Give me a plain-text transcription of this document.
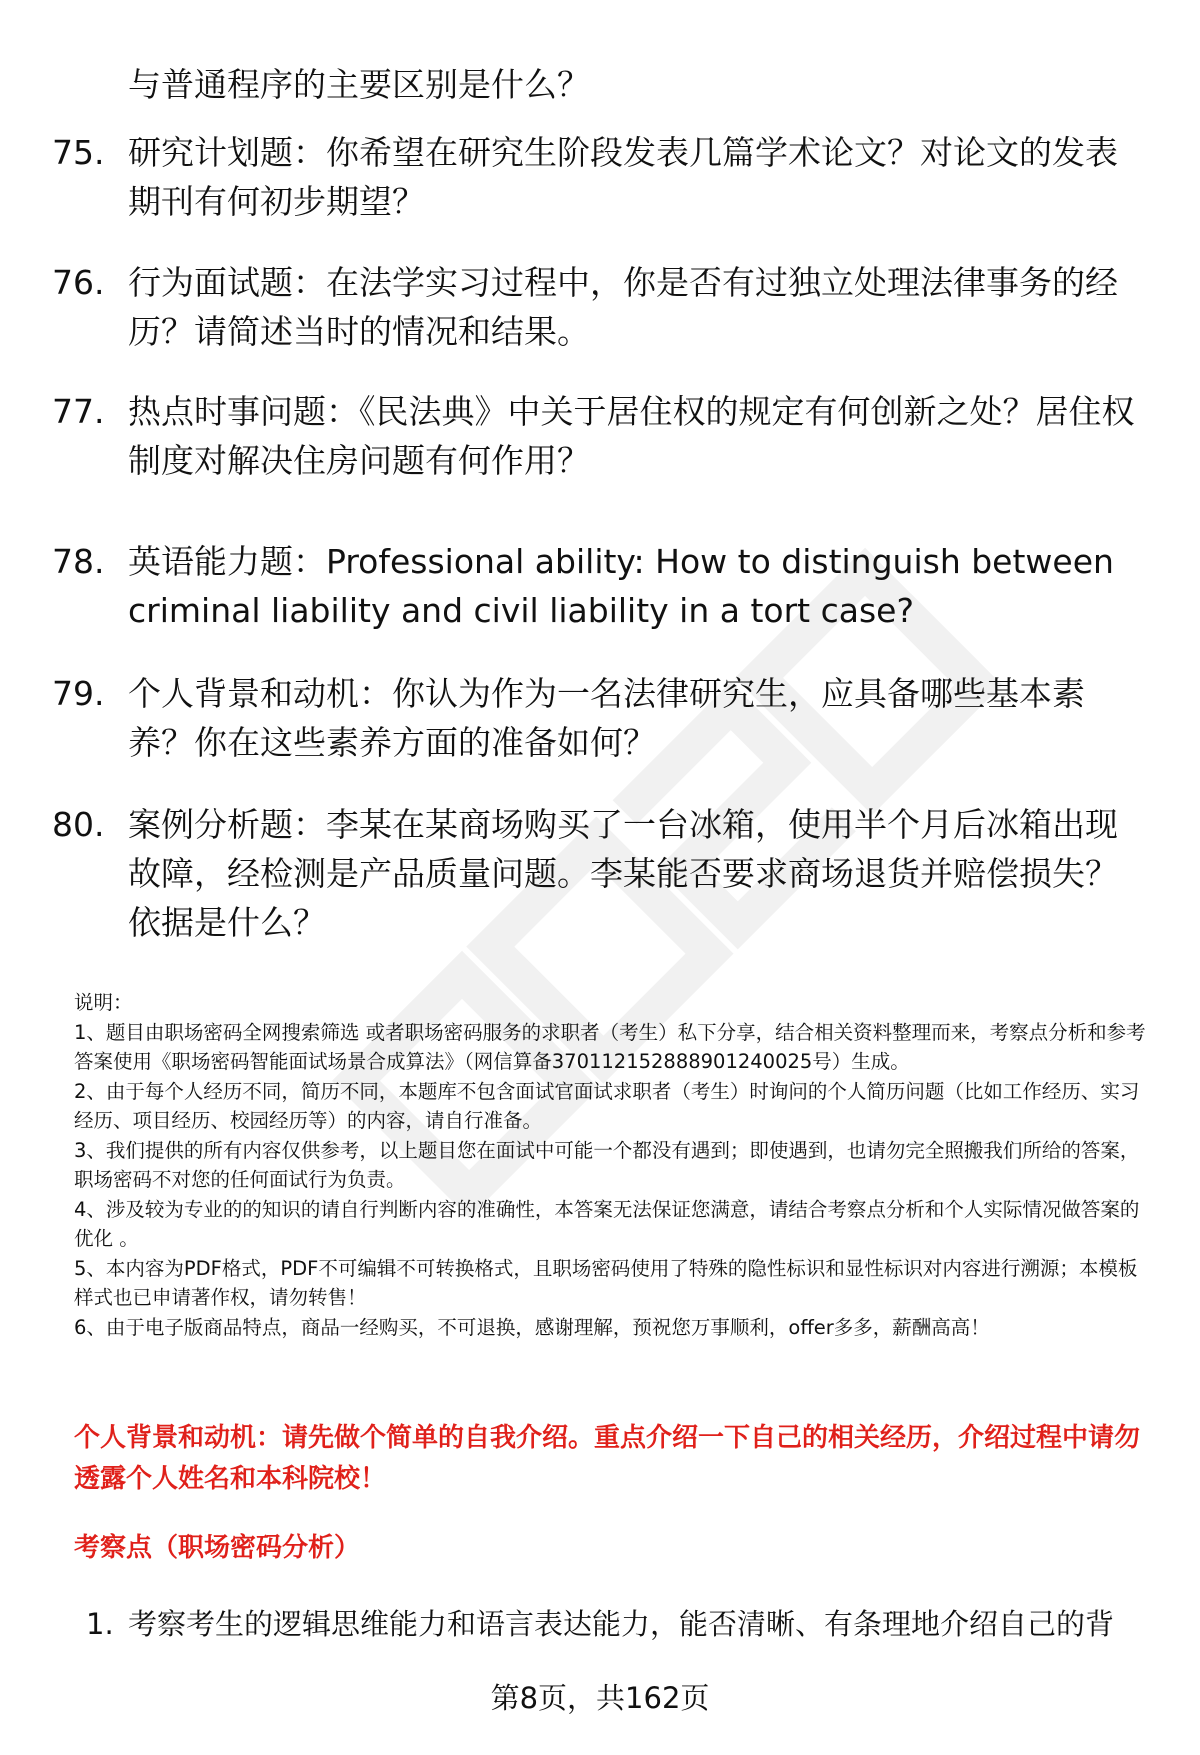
与普通程序的主要区别是什么？
75. 研究计划题：你希望在研究生阶段发表几篇学术论文？对论文的发表期刊有何初步期望？
76. 行为面试题：在法学实习过程中，你是否有过独立处理法律事务的经历？请简述当时的情况和结果。
77. 热点时事问题：《民法典》中关于居住权的规定有何创新之处？居住权制度对解决住房问题有何作用？
78. 英语能力题：Professional ability: How to distinguish between criminal liability and civil liability in a tort case?
79. 个人背景和动机：你认为作为一名法律研究生，应具备哪些基本素养？你在这些素养方面的准备如何？
80. 案例分析题：李某在某商场购买了一台冰箱，使用半个月后冰箱出现故障，经检测是产品质量问题。李某能否要求商场退货并赔偿损失？依据是什么？

说明：

1、题目由职场密码全网搜索筛选 或者职场密码服务的求职者（考生）私下分享，结合相关资料整理而来，考察点分析和参考答案使用《职场密码智能面试场景合成算法》（网信算备370112152888901240025号）生成。

2、由于每个人经历不同，简历不同，本题库不包含面试官面试求职者（考生）时询问的个人简历问题（比如工作经历、实习经历、项目经历、校园经历等）的内容，请自行准备。

3、我们提供的所有内容仅供参考，以上题目您在面试中可能一个都没有遇到；即使遇到，也请勿完全照搬我们所给的答案，职场密码不对您的任何面试行为负责。

4、涉及较为专业的的知识的请自行判断内容的准确性，本答案无法保证您满意，请结合考察点分析和个人实际情况做答案的优化 。

5、本内容为PDF格式，PDF不可编辑不可转换格式，且职场密码使用了特殊的隐性标识和显性标识对内容进行溯源；本模板样式也已申请著作权，请勿转售！

6、由于电子版商品特点，商品一经购买，不可退换，感谢理解，预祝您万事顺利，offer多多，薪酬高高！

个人背景和动机：请先做个简单的自我介绍。重点介绍一下自己的相关经历，介绍过程中请勿透露个人姓名和本科院校！
考察点（职场密码分析）
1. 考察考生的逻辑思维能力和语言表达能力，能否清晰、有条理地介绍自己的背
第8页，共162页
